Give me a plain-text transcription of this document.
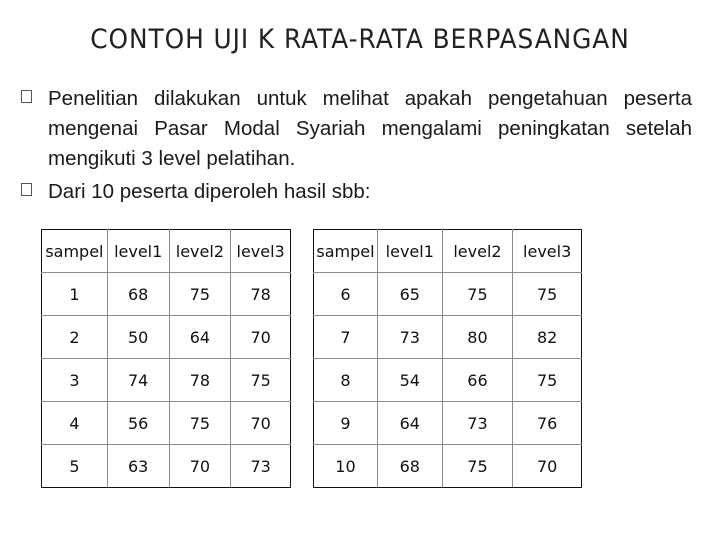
CONTOH UJI K RATA-RATA BERPASANGAN
Penelitian dilakukan untuk melihat apakah pengetahuan peserta mengenai Pasar Modal Syariah mengalami peningkatan setelah mengikuti 3 level pelatihan.
Dari 10 peserta diperoleh hasil sbb:
sampel	level1	level2	level3
1	68	75	78
2	50	64	70
3	74	78	75
4	56	75	70
5	63	70	73
sampel	level1	level2	level3
6	65	75	75
7	73	80	82
8	54	66	75
9	64	73	76
10	68	75	70
